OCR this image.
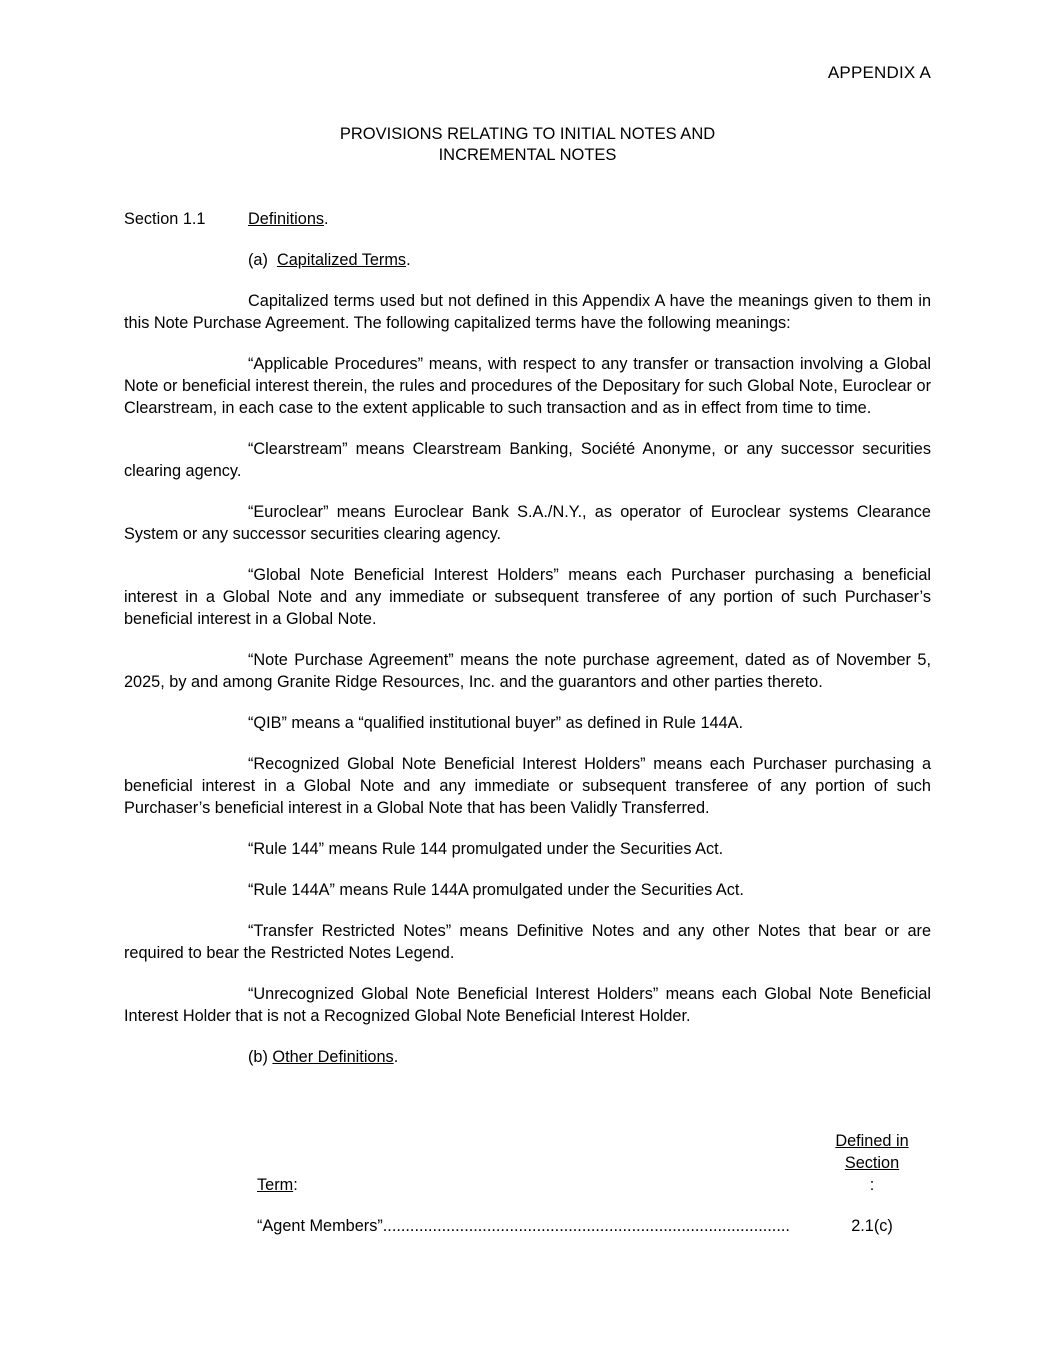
APPENDIX A
PROVISIONS RELATING TO INITIAL NOTES AND
INCREMENTAL NOTES
Section 1.1	Definitions.
(a)  Capitalized Terms.

Capitalized terms used but not defined in this Appendix A have the meanings given to them in this Note Purchase Agreement. The following capitalized terms have the following meanings:

“Applicable Procedures” means, with respect to any transfer or transaction involving a Global Note or beneficial interest therein, the rules and procedures of the Depositary for such Global Note, Euroclear or Clearstream, in each case to the extent applicable to such transaction and as in effect from time to time.

“Clearstream” means Clearstream Banking, Société Anonyme, or any successor securities clearing agency.

“Euroclear” means Euroclear Bank S.A./N.Y., as operator of Euroclear systems Clearance System or any successor securities clearing agency.

“Global Note Beneficial Interest Holders” means each Purchaser purchasing a beneficial interest in a Global Note and any immediate or subsequent transferee of any portion of such Purchaser’s beneficial interest in a Global Note.

“Note Purchase Agreement” means the note purchase agreement, dated as of November 5, 2025, by and among Granite Ridge Resources, Inc. and the guarantors and other parties thereto.

“QIB” means a “qualified institutional buyer” as defined in Rule 144A.

“Recognized Global Note Beneficial Interest Holders” means each Purchaser purchasing a beneficial interest in a Global Note and any immediate or subsequent transferee of any portion of such Purchaser’s beneficial interest in a Global Note that has been Validly Transferred.

“Rule 144” means Rule 144 promulgated under the Securities Act.

“Rule 144A” means Rule 144A promulgated under the Securities Act.

“Transfer Restricted Notes” means Definitive Notes and any other Notes that bear or are required to bear the Restricted Notes Legend.

“Unrecognized Global Note Beneficial Interest Holders” means each Global Note Beneficial Interest Holder that is not a Recognized Global Note Beneficial Interest Holder.

(b) Other Definitions.
Term:
Defined in
Section
:
“Agent Members”..........................................................................................	2.1(c)
